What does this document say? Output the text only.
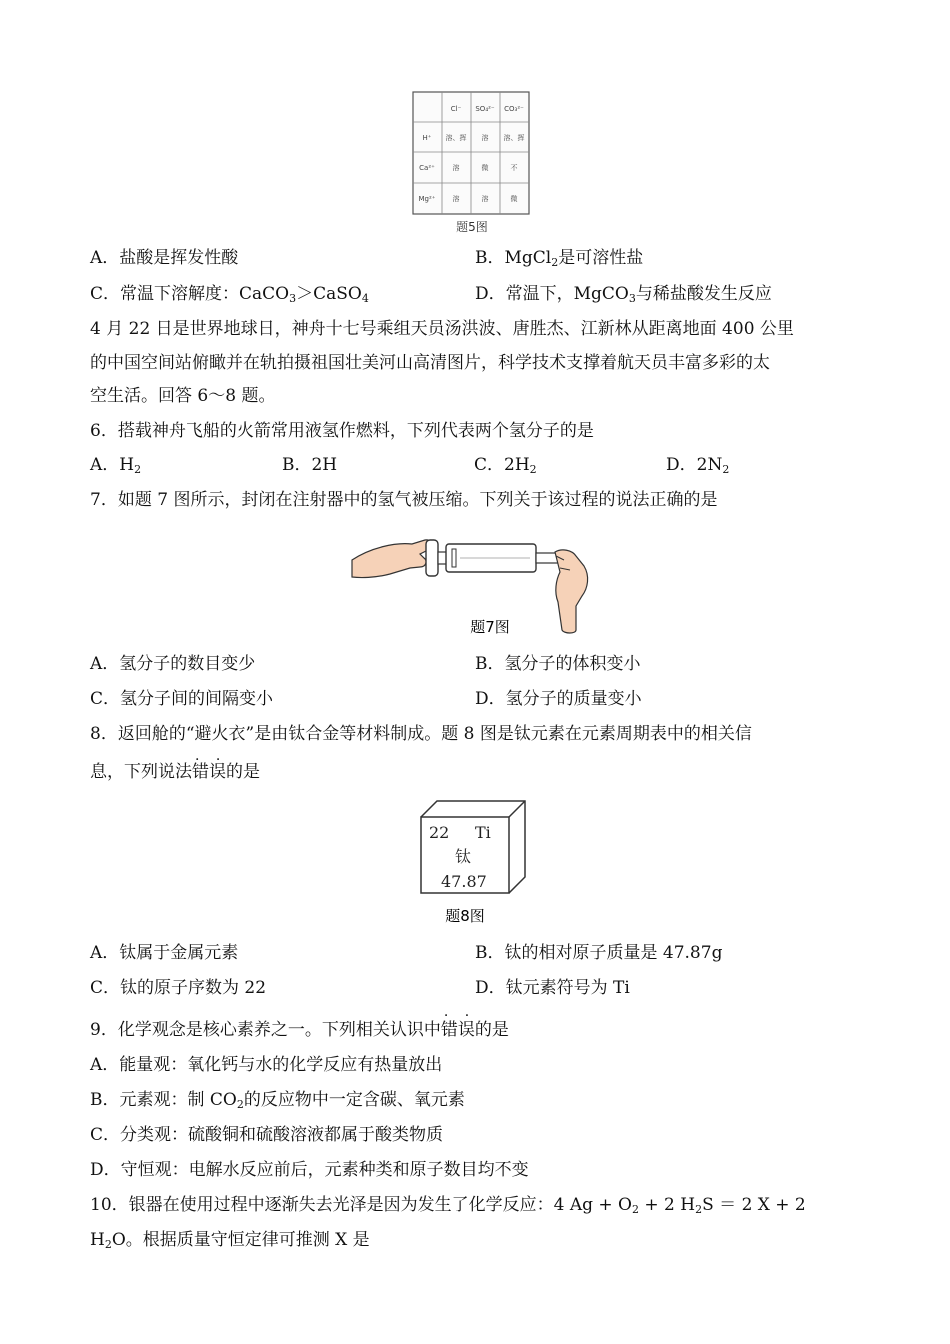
Cl⁻ SO₄²⁻ CO₃²⁻
H⁺ 溶、挥 溶 溶、挥
Ca²⁺	溶	微	不
Mg²⁺ 溶	溶	微
题5图
A．盐酸是挥发性酸	B．MgCl$_2$是可溶性盐
C．常温下溶解度：CaCO$_3$＞CaSO$_4$	D．常温下，MgCO$_3$与稀盐酸发生反应
4 月 22 日是世界地球日，神舟十七号乘组天员汤洪波、唐胜杰、江新林从距离地面 400 公里
的中国空间站俯瞰并在轨拍摄祖国壮美河山高清图片，科学技术支撑着航天员丰富多彩的太
空生活。回答 6～8 题。
6．搭载神舟飞船的火箭常用液氢作燃料，下列代表两个氢分子的是
A．$H_2$	B．2H	C．$2H_2$	D．$2N_2$
7．如题 7 图所示，封闭在注射器中的氢气被压缩。下列关于该过程的说法正确的是
题7图
A．氢分子的数目变少	B．氢分子的体积变小
C．氢分子间的间隔变小	D．氢分子的质量变小
8．返回舱的“避火衣”是由钛合金等材料制成。题 8 图是钛元素在元素周期表中的相关信
息，下列说法错误 · ·的是
22 Ti
钛
47.87
题8图
A．钛属于金属元素	B．钛的相对原子质量是 47.87g
C．钛的原子序数为 22	D．钛元素符号为 Ti
9．化学观念是核心素养之一。下列相关认识中错误 · ·的是
A．能量观：氧化钙与水的化学反应有热量放出
B．元素观：制 $CO_2$的反应物中一定含碳、氧元素
C．分类观：硫酸铜和硫酸溶液都属于酸类物质
D．守恒观：电解水反应前后，元素种类和原子数目均不变
10．银器在使用过程中逐渐失去光泽是因为发生了化学反应：4 $Ag + O_2 + 2$ $H_2S = 2$ X + 2
$H_2O$。根据质量守恒定律可推测 X 是
